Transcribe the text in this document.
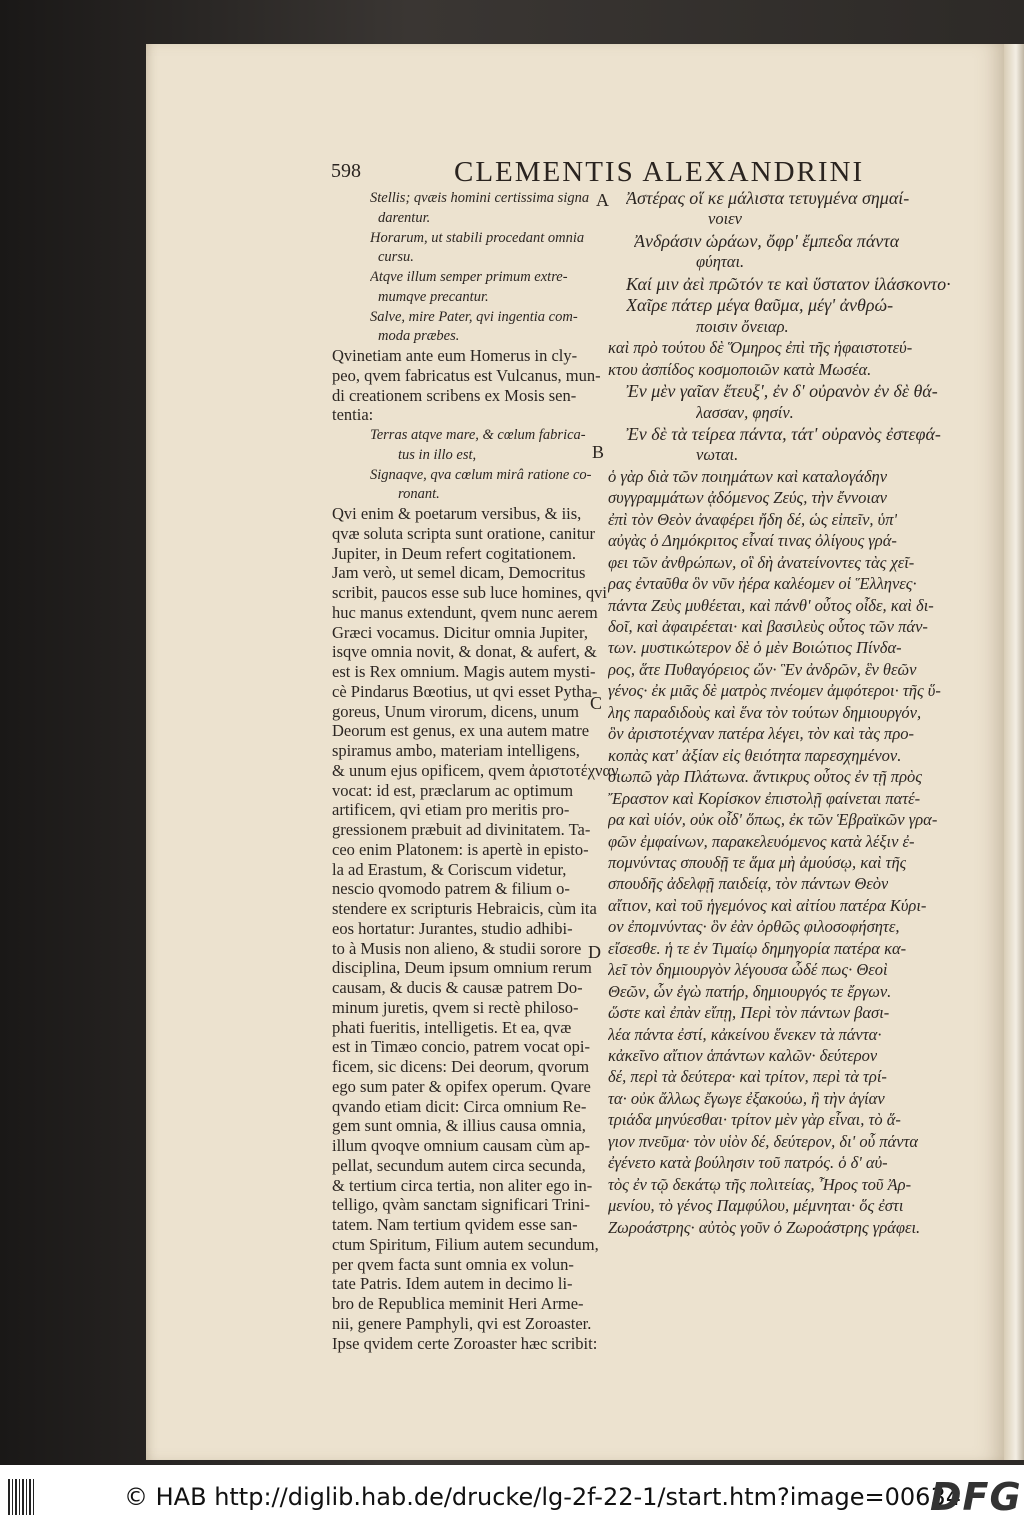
598	CLEMENTIS ALEXANDRINI
Stellis; qvæis homini certissima signa
darentur.
Horarum, ut stabili procedant omnia
cursu.
Atqve illum semper primum extre-
mumqve precantur.
Salve, mire Pater, qvi ingentia com-
moda præbes.
Qvinetiam ante eum Homerus in cly-
peo, qvem fabricatus est Vulcanus, mun-
di creationem scribens ex Mosis sen-
tentia:
Terras atqve mare, & cœlum fabrica-
tus in illo est,
Signaqve, qva cœlum mirâ ratione co-
ronant.
Qvi enim & poetarum versibus, & iis,
qvæ soluta scripta sunt oratione, canitur
Jupiter, in Deum refert cogitationem.
Jam verò, ut semel dicam, Democritus
scribit, paucos esse sub luce homines, qvi
huc manus extendunt, qvem nunc aerem
Græci vocamus. Dicitur omnia Jupiter,
isqve omnia novit, & donat, & aufert, &
est is Rex omnium. Magis autem mysti-
cè Pindarus Bœotius, ut qvi esset Pytha-
goreus, Unum virorum, dicens, unum
Deorum est genus, ex una autem matre
spiramus ambo, materiam intelligens,
& unum ejus opificem, qvem ἀριστοτέχναν
vocat: id est, præclarum ac optimum
artificem, qvi etiam pro meritis pro-
gressionem præbuit ad divinitatem. Ta-
ceo enim Platonem: is apertè in episto-
la ad Erastum, & Coriscum videtur,
nescio qvomodo patrem & filium o-
stendere ex scripturis Hebraicis, cùm ita
eos hortatur: Jurantes, studio adhibi-
to à Musis non alieno, & studii sorore
disciplina, Deum ipsum omnium rerum
causam, & ducis & causæ patrem Do-
minum juretis, qvem si rectè philoso-
phati fueritis, intelligetis. Et ea, qvæ
est in Timæo concio, patrem vocat opi-
ficem, sic dicens: Dei deorum, qvorum
ego sum pater & opifex operum. Qvare
qvando etiam dicit: Circa omnium Re-
gem sunt omnia, & illius causa omnia,
illum qvoqve omnium causam cùm ap-
pellat, secundum autem circa secunda,
& tertium circa tertia, non aliter ego in-
telligo, qvàm sanctam significari Trini-
tatem. Nam tertium qvidem esse san-
ctum Spiritum, Filium autem secundum,
per qvem facta sunt omnia ex volun-
tate Patris. Idem autem in decimo li-
bro de Republica meminit Heri Arme-
nii, genere Pamphyli, qvi est Zoroaster.
Ipse qvidem certe Zoroaster hæc scribit:
Ἀστέρας οἵ κε μάλιστα τετυγμένα σημαί-
νοιεν
Ἀνδράσιν ὡράων, ὄφρ' ἔμπεδα πάντα
φύηται.
Καί μιν ἀεὶ πρῶτόν τε καὶ ὕστατον ἱλάσκοντο·
Χαῖρε πάτερ μέγα θαῦμα, μέγ' ἀνθρώ-
ποισιν ὄνειαρ.
καὶ πρὸ τούτου δὲ Ὅμηρος ἐπὶ τῆς ἡφαιστοτεύ-
κτου ἀσπίδος κοσμοποιῶν κατὰ Μωσέα.
Ἐν μὲν γαῖαν ἔτευξ', ἐν δ' οὐρανὸν ἐν δὲ θά-
λασσαν, φησίν.
Ἐν δὲ τὰ τείρεα πάντα, τάτ' οὐρανὸς ἐστεφά-
νωται.
ὁ γὰρ διὰ τῶν ποιημάτων καὶ καταλογάδην
συγγραμμάτων ᾀδόμενος Ζεύς, τὴν ἔννοιαν
ἐπὶ τὸν Θεὸν ἀναφέρει ἤδη δέ, ὡς εἰπεῖν, ὑπ'
αὐγὰς ὁ Δημόκριτος εἶναί τινας ὀλίγους γρά-
φει τῶν ἀνθρώπων, οἳ δὴ ἀνατείνοντες τὰς χεῖ-
ρας ἐνταῦθα ὃν νῦν ἠέρα καλέομεν οἱ Ἕλληνες·
πάντα Ζεὺς μυθέεται, καὶ πάνθ' οὗτος οἶδε, καὶ δι-
δοῖ, καὶ ἀφαιρέεται· καὶ βασιλεὺς οὗτος τῶν πάν-
των. μυστικώτερον δὲ ὁ μὲν Βοιώτιος Πίνδα-
ρος, ἅτε Πυθαγόρειος ὤν· Ἓν ἀνδρῶν, ἓν θεῶν
γένος· ἐκ μιᾶς δὲ ματρὸς πνέομεν ἀμφότεροι· τῆς ὕ-
λης παραδιδοὺς καὶ ἕνα τὸν τούτων δημιουργόν,
ὃν ἀριστοτέχναν πατέρα λέγει, τὸν καὶ τὰς προ-
κοπὰς κατ' ἀξίαν εἰς θειότητα παρεσχημένον.
σιωπῶ γὰρ Πλάτωνα. ἄντικρυς οὗτος ἐν τῇ πρὸς
Ἔραστον καὶ Κορίσκον ἐπιστολῇ φαίνεται πατέ-
ρα καὶ υἱόν, οὐκ οἶδ' ὅπως, ἐκ τῶν Ἑβραϊκῶν γρα-
φῶν ἐμφαίνων, παρακελευόμενος κατὰ λέξιν ἐ-
πομνύντας σπουδῇ τε ἅμα μὴ ἀμούσῳ, καὶ τῆς
σπουδῆς ἀδελφῇ παιδείᾳ, τὸν πάντων Θεὸν
αἴτιον, καὶ τοῦ ἡγεμόνος καὶ αἰτίου πατέρα Κύρι-
ον ἐπομνύντας· ὃν ἐὰν ὀρθῶς φιλοσοφήσητε,
εἴσεσθε. ἡ τε ἐν Τιμαίῳ δημηγορία πατέρα κα-
λεῖ τὸν δημιουργὸν λέγουσα ὧδέ πως· Θεοὶ
Θεῶν, ὧν ἐγὼ πατήρ, δημιουργός τε ἔργων.
ὥστε καὶ ἐπὰν εἴπῃ, Περὶ τὸν πάντων βασι-
λέα πάντα ἐστί, κἀκείνου ἕνεκεν τὰ πάντα·
κἀκεῖνο αἴτιον ἁπάντων καλῶν· δεύτερον
δέ, περὶ τὰ δεύτερα· καὶ τρίτον, περὶ τὰ τρί-
τα· οὐκ ἄλλως ἔγωγε ἐξακούω, ἢ τὴν ἁγίαν
τριάδα μηνύεσθαι· τρίτον μὲν γὰρ εἶναι, τὸ ἅ-
γιον πνεῦμα· τὸν υἱὸν δέ, δεύτερον, δι' οὗ πάντα
ἐγένετο κατὰ βούλησιν τοῦ πατρός. ὁ δ' αὐ-
τὸς ἐν τῷ δεκάτῳ τῆς πολιτείας, Ἦρος τοῦ Ἀρ-
μενίου, τὸ γένος Παμφύλου, μέμνηται· ὅς ἐστι
Ζωροάστρης· αὐτὸς γοῦν ὁ Ζωροάστρης γράφει.
A
B
C
D
© HAB http://diglib.hab.de/drucke/lg-2f-22-1/start.htm?image=00634
DFG
